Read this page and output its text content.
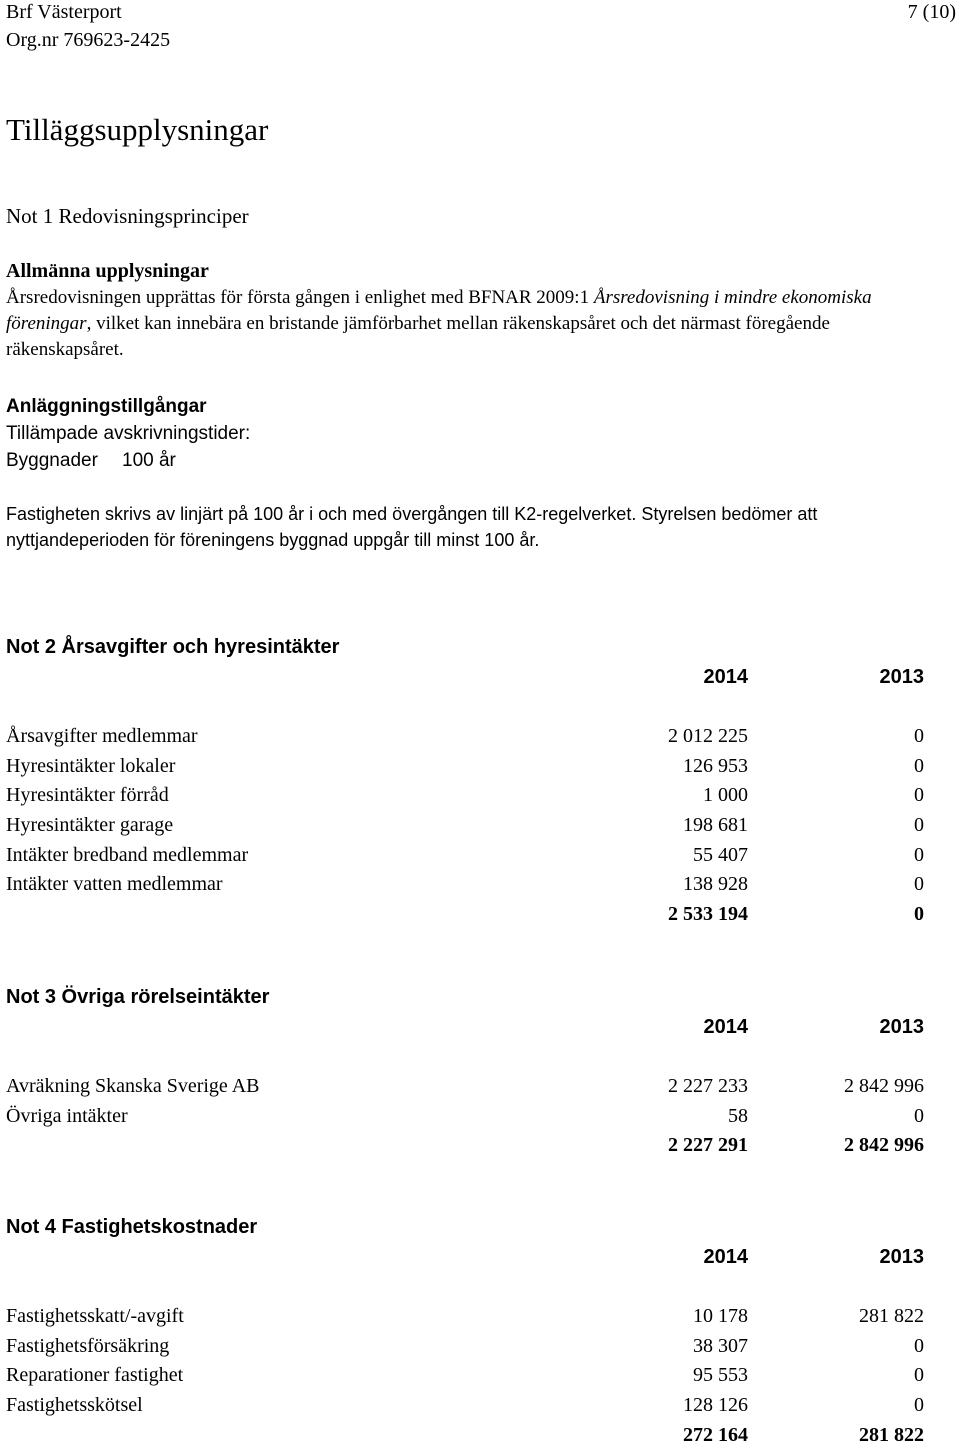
Brf Västerport	7 (10)
Org.nr 769623-2425
Tilläggsupplysningar
Not 1 Redovisningsprinciper
Allmänna upplysningar
Årsredovisningen upprättas för första gången i enlighet med BFNAR 2009:1 Årsredovisning i mindre ekonomiska föreningar, vilket kan innebära en bristande jämförbarhet mellan räkenskapsåret och det närmast föregående räkenskapsåret.
Anläggningstillgångar
Tillämpade avskrivningstider:
Byggnader 100 år
Fastigheten skrivs av linjärt på 100 år i och med övergången till K2-regelverket. Styrelsen bedömer att nyttjandeperioden för föreningens byggnad uppgår till minst 100 år.
Not 2 Årsavgifter och hyresintäkter
	2014	2013

Årsavgifter medlemmar	2 012 225	0
Hyresintäkter lokaler	126 953	0
Hyresintäkter förråd	1 000	0
Hyresintäkter garage	198 681	0
Intäkter bredband medlemmar	55 407	0
Intäkter vatten medlemmar	138 928	0
	2 533 194	0
Not 3 Övriga rörelseintäkter
	2014	2013

Avräkning Skanska Sverige AB	2 227 233	2 842 996
Övriga intäkter	58	0
	2 227 291	2 842 996
Not 4 Fastighetskostnader
	2014	2013

Fastighetsskatt/-avgift	10 178	281 822
Fastighetsförsäkring	38 307	0
Reparationer fastighet	95 553	0
Fastighetsskötsel	128 126	0
	272 164	281 822
